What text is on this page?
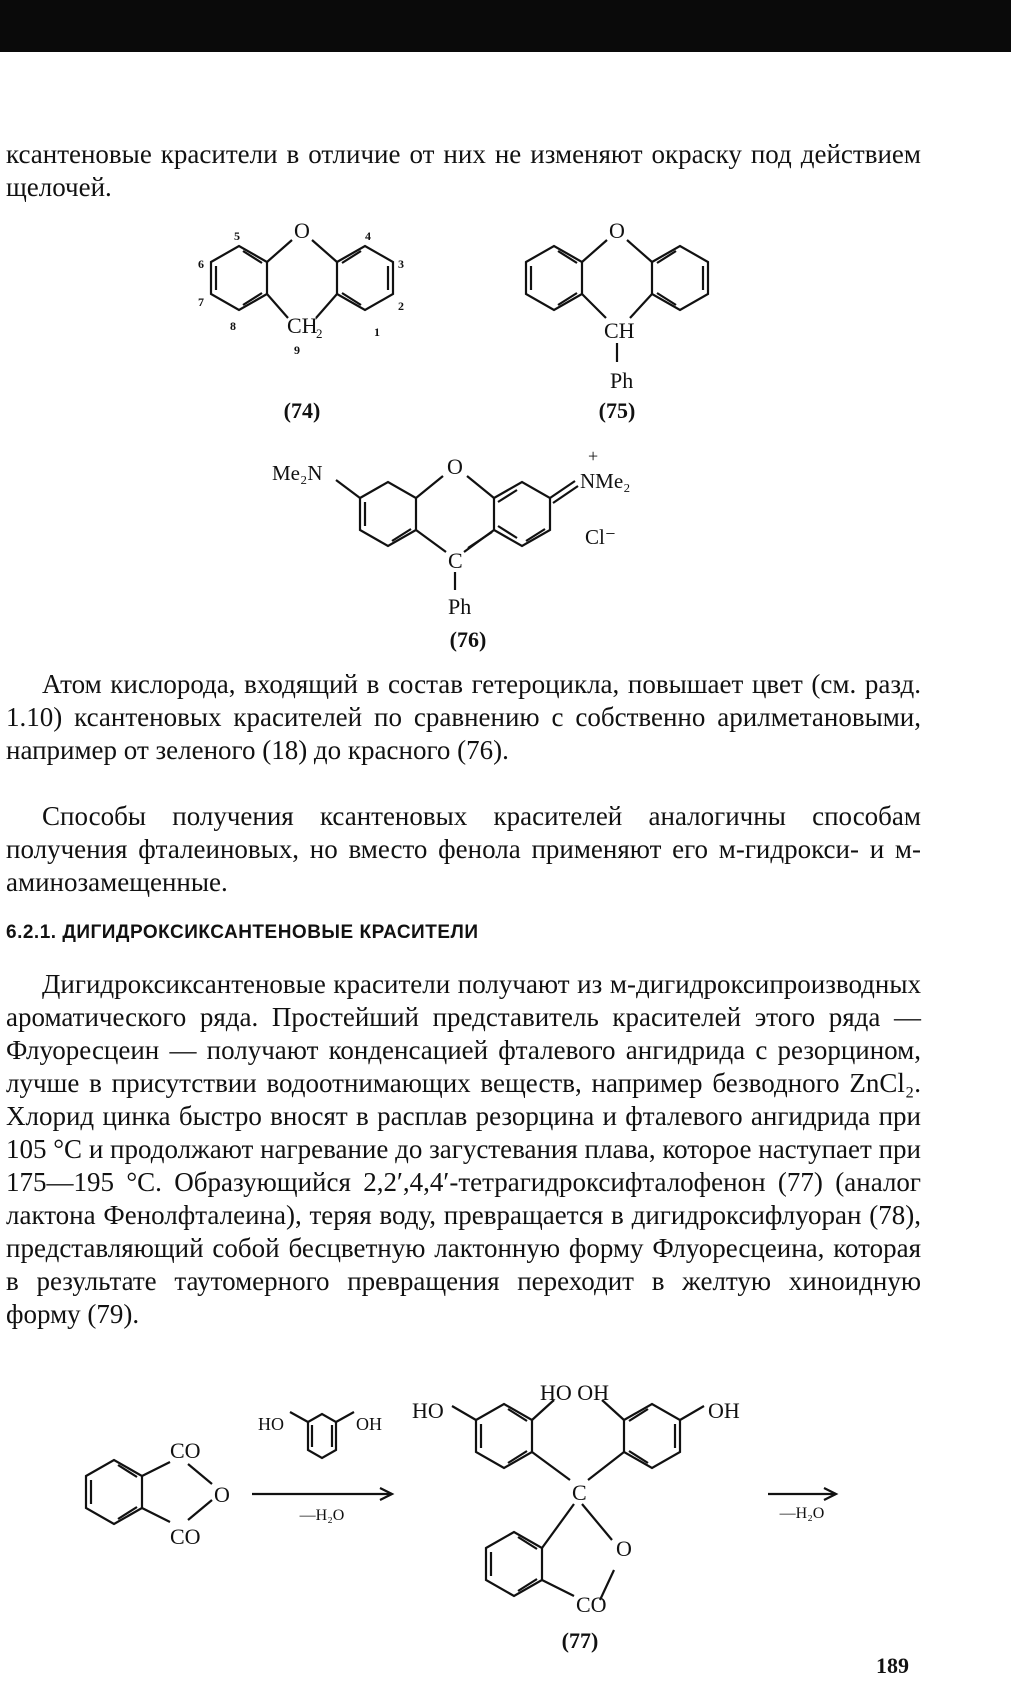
ксантеновые красители в отличие от них не изменяют окраску под действием щелочей.

O
CH
2	1
2
3
4
5
6
7
8
9
(74)
O
CH
Ph
(75)
O
Me₂N	NMe₂
+
C
Cl⁻
Ph
(76)
CO
CO
O
HO	OH
—H₂O
HO
HO OH
OH
C
O
CO
(77)
—H₂O

Атом кислорода, входящий в состав гетероцикла, повышает цвет (см. разд. 1.10) ксантеновых красителей по сравнению с собственно арилметановыми, например от зеленого (18) до красного (76).

Способы получения ксантеновых красителей аналогичны способам получения фталеиновых, но вместо фенола применяют его м-гидрокси- и м-аминозамещенные.

6.2.1. ДИГИДРОКСИКСАНТЕНОВЫЕ КРАСИТЕЛИ

Дигидроксиксантеновые красители получают из м-дигидроксипроизводных ароматического ряда. Простейший представитель красителей этого ряда — Флуоресцеин — получают конденсацией фталевого ангидрида с резорцином, лучше в присутствии водоотнимающих веществ, например безводного ZnCl₂. Хлорид цинка быстро вносят в расплав резорцина и фталевого ангидрида при 105 °С и продолжают нагревание до загустевания плава, которое наступает при 175—195 °С. Образующийся 2,2′,4,4′-тетрагидроксифталофенон (77) (аналог лактона Фенолфталеина), теряя воду, превращается в дигидроксифлуоран (78), представляющий собой бесцветную лактонную форму Флуоресцеина, которая в результате таутомерного превращения переходит в желтую хиноидную форму (79).

189
